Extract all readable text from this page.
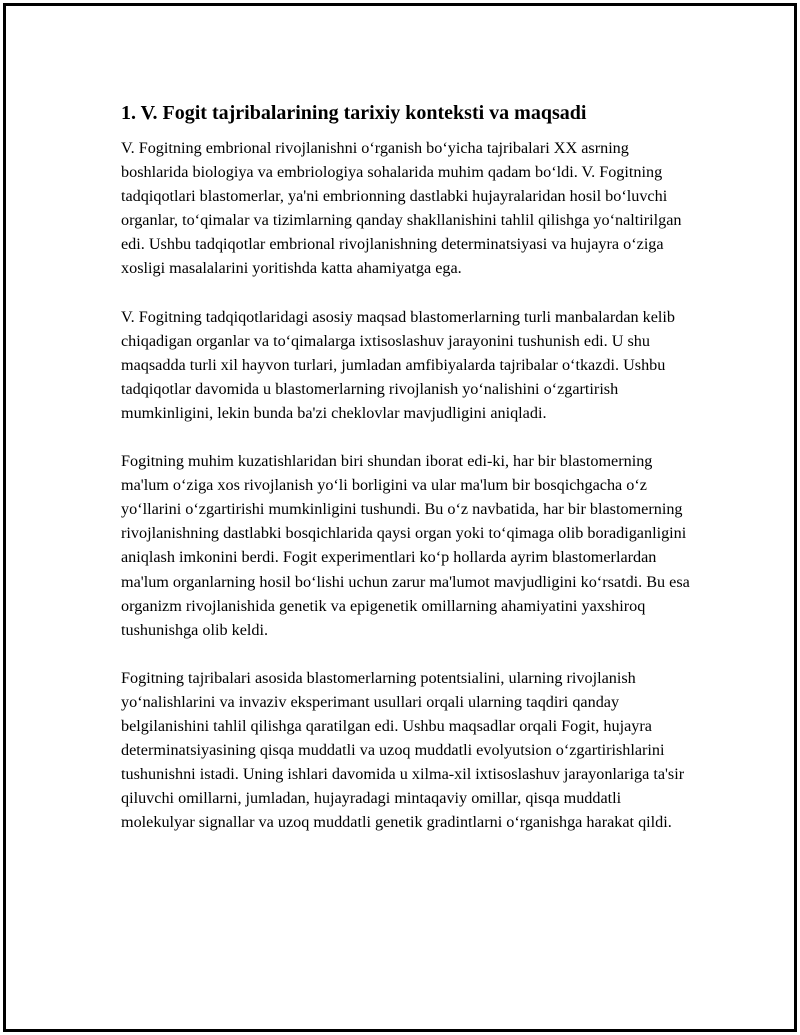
1. V. Fogit tajribalarining tarixiy konteksti va maqsadi

V. Fogitning embrional rivojlanishni o‘rganish bo‘yicha tajribalari XX asrning boshlarida biologiya va embriologiya sohalarida muhim qadam bo‘ldi. V. Fogitning tadqiqotlari blastomerlar, ya'ni embrionning dastlabki hujayralaridan hosil bo‘luvchi organlar, to‘qimalar va tizimlarning qanday shakllanishini tahlil qilishga yo‘naltirilgan edi. Ushbu tadqiqotlar embrional rivojlanishning determinatsiyasi va hujayra o‘ziga xosligi masalalarini yoritishda katta ahamiyatga ega.

V. Fogitning tadqiqotlaridagi asosiy maqsad blastomerlarning turli manbalardan kelib chiqadigan organlar va to‘qimalarga ixtisoslashuv jarayonini tushunish edi. U shu maqsadda turli xil hayvon turlari, jumladan amfibiyalarda tajribalar o‘tkazdi. Ushbu tadqiqotlar davomida u blastomerlarning rivojlanish yo‘nalishini o‘zgartirish mumkinligini, lekin bunda ba'zi cheklovlar mavjudligini aniqladi.

Fogitning muhim kuzatishlaridan biri shundan iborat edi-ki, har bir blastomerning ma'lum o‘ziga xos rivojlanish yo‘li borligini va ular ma'lum bir bosqichgacha o‘z yo‘llarini o‘zgartirishi mumkinligini tushundi. Bu o‘z navbatida, har bir blastomerning rivojlanishning dastlabki bosqichlarida qaysi organ yoki to‘qimaga olib boradiganligini aniqlash imkonini berdi. Fogit experimentlari ko‘p hollarda ayrim blastomerlardan ma'lum organlarning hosil bo‘lishi uchun zarur ma'lumot mavjudligini ko‘rsatdi. Bu esa organizm rivojlanishida genetik va epigenetik omillarning ahamiyatini yaxshiroq tushunishga olib keldi.

Fogitning tajribalari asosida blastomerlarning potentsialini, ularning rivojlanish yo‘nalishlarini va invaziv eksperimant usullari orqali ularning taqdiri qanday belgilanishini tahlil qilishga qaratilgan edi. Ushbu maqsadlar orqali Fogit, hujayra determinatsiyasining qisqa muddatli va uzoq muddatli evolyutsion o‘zgartirishlarini tushunishni istadi. Uning ishlari davomida u xilma-xil ixtisoslashuv jarayonlariga ta'sir qiluvchi omillarni, jumladan, hujayradagi mintaqaviy omillar, qisqa muddatli molekulyar signallar va uzoq muddatli genetik gradintlarni o‘rganishga harakat qildi.
